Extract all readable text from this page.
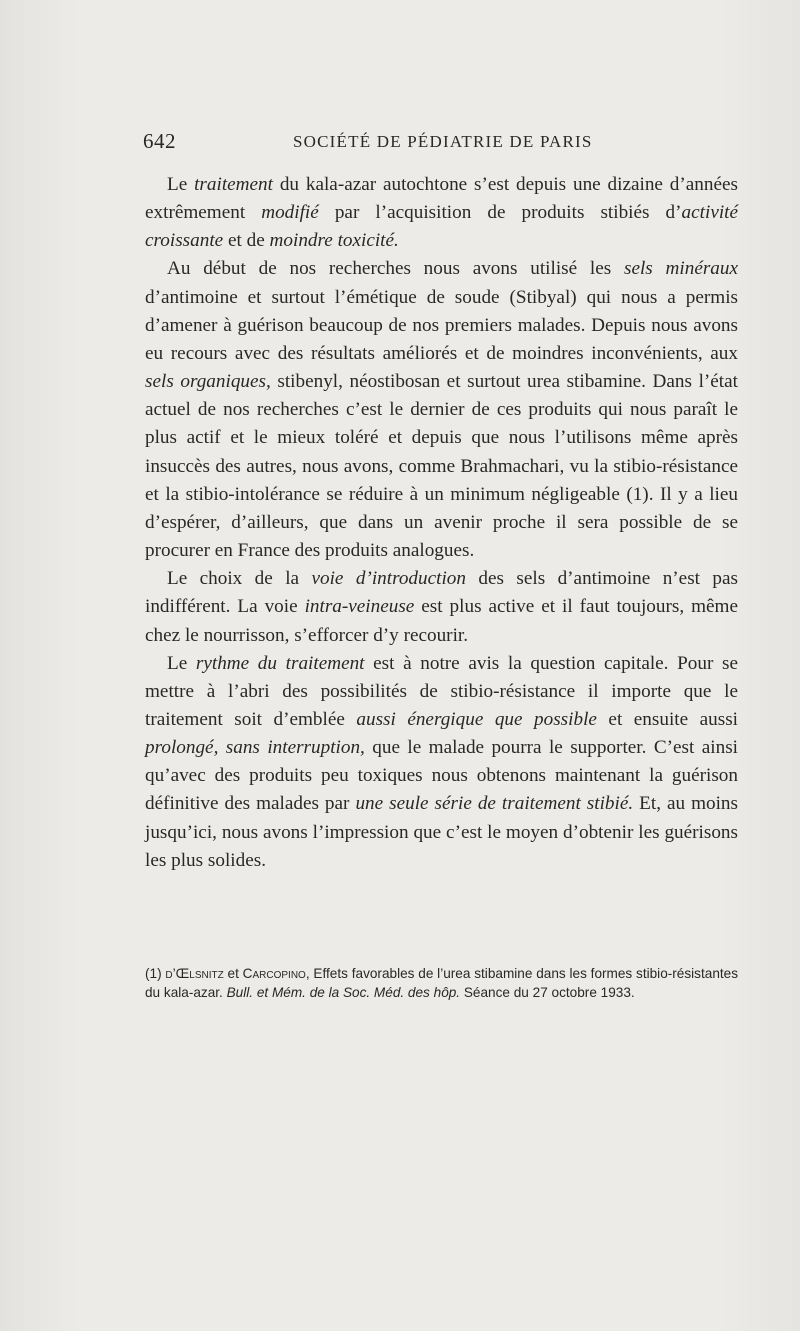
642	SOCIÉTÉ DE PÉDIATRIE DE PARIS

Le traitement du kala-azar autochtone s’est depuis une dizaine d’années extrêmement modifié par l’acquisition de produits stibiés d’activité croissante et de moindre toxicité.

Au début de nos recherches nous avons utilisé les sels minéraux d’antimoine et surtout l’émétique de soude (Stibyal) qui nous a permis d’amener à guérison beaucoup de nos premiers malades. Depuis nous avons eu recours avec des résultats améliorés et de moindres inconvénients, aux sels organiques, stibenyl, néostibosan et surtout urea stibamine. Dans l’état actuel de nos recherches c’est le dernier de ces produits qui nous paraît le plus actif et le mieux toléré et depuis que nous l’utilisons même après insuccès des autres, nous avons, comme Brahmachari, vu la stibio-résistance et la stibio-intolérance se réduire à un minimum négligeable (1). Il y a lieu d’espérer, d’ailleurs, que dans un avenir proche il sera possible de se procurer en France des produits analogues.

Le choix de la voie d’introduction des sels d’antimoine n’est pas indifférent. La voie intra-veineuse est plus active et il faut toujours, même chez le nourrisson, s’efforcer d’y recourir.

Le rythme du traitement est à notre avis la question capitale. Pour se mettre à l’abri des possibilités de stibio-résistance il importe que le traitement soit d’emblée aussi énergique que possible et ensuite aussi prolongé, sans interruption, que le malade pourra le supporter. C’est ainsi qu’avec des produits peu toxiques nous obtenons maintenant la guérison définitive des malades par une seule série de traitement stibié. Et, au moins jusqu’ici, nous avons l’impression que c’est le moyen d’obtenir les guérisons les plus solides.

(1) d’Œlsnitz et Carcopino, Effets favorables de l’urea stibamine dans les formes stibio-résistantes du kala-azar. Bull. et Mém. de la Soc. Méd. des hôp. Séance du 27 octobre 1933.
